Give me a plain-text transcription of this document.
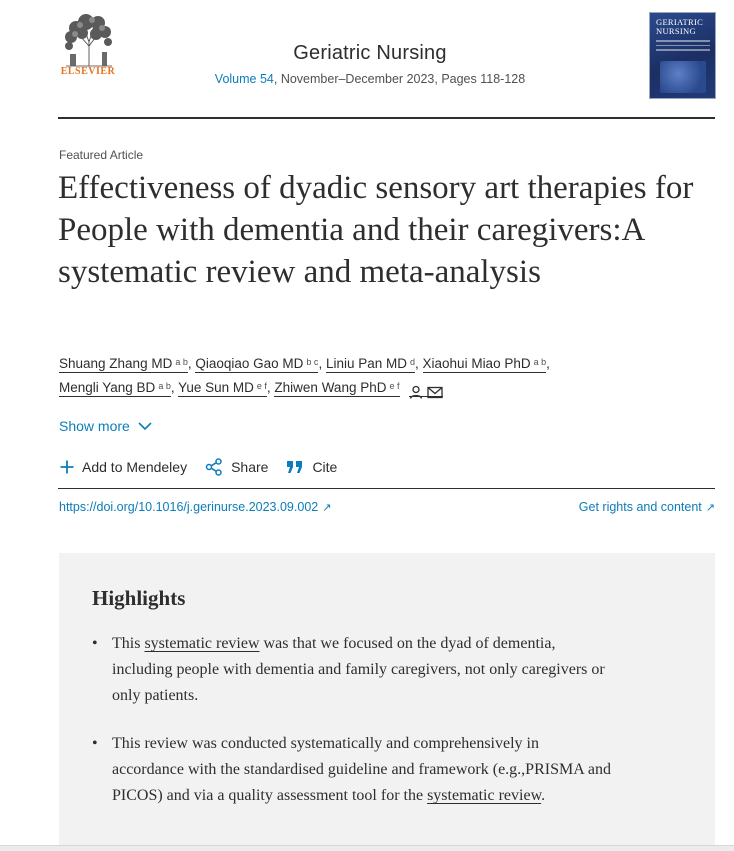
ELSEVIER
Geriatric Nursing
Volume 54, November–December 2023, Pages 118-128
GERIATRIC
NURSING
Featured Article
Effectiveness of dyadic sensory art therapies for People with dementia and their caregivers:A systematic review and meta-analysis
Shuang Zhang MD $^{a b}$, Qiaoqiao Gao MD $^{b c}$, Liniu Pan MD $^d$, Xiaohui Miao PhD $^{a b}$,
Mengli Yang BD $^{a b}$, Yue Sun MD $^{e f}$, Zhiwen Wang PhD $^{e f}$
Show more
Add to Mendeley	Share	Cite
https://doi.org/10.1016/j.gerinurse.2023.09.002 ↗	Get rights and content ↗
Highlights
• This systematic review was that we focused on the dyad of dementia, including people with dementia and family caregivers, not only caregivers or only patients.
• This review was conducted systematically and comprehensively in accordance with the standardised guideline and framework (e.g.,PRISMA and PICOS) and via a quality assessment tool for the systematic review.
